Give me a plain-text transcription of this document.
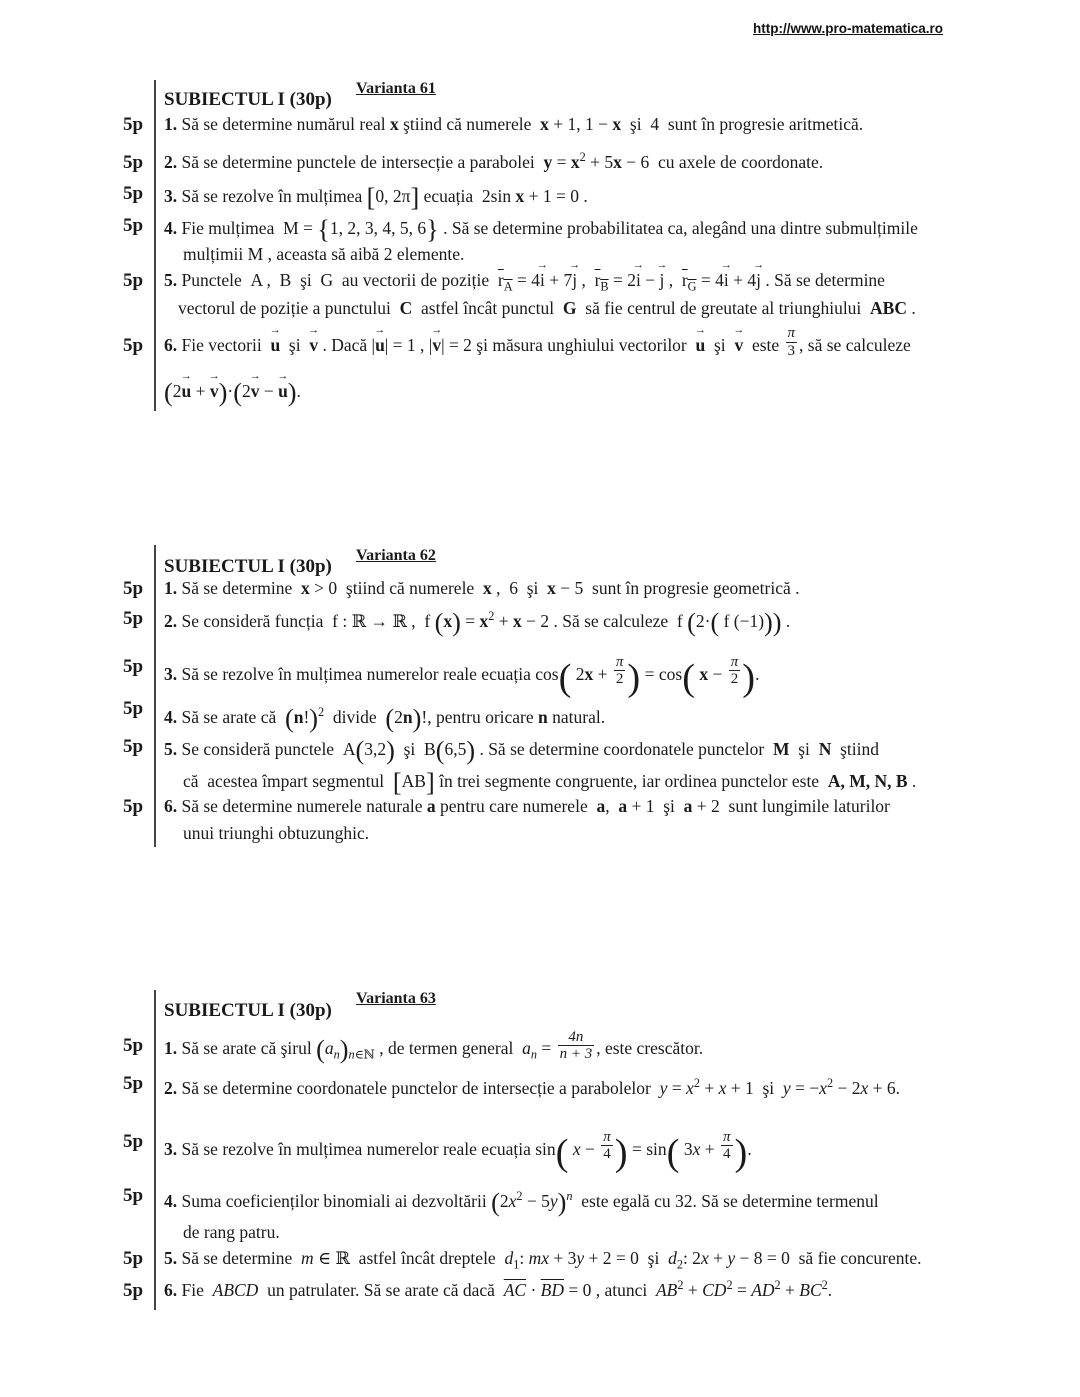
http://www.pro-matematica.ro
Varianta 61
SUBIECTUL I (30p)
5p 1. Să se determine numărul real x ştiind că numerele  x + 1, 1 − x  şi  4  sunt în progresie aritmetică.
5p 2. Să se determine punctele de intersecție a parabolei  $y = x^2 + 5x - 6$  cu axele de coordonate.
5p 3. Să se rezolve în mulțimea [0, 2π] ecuația  2sin x + 1 = 0 .
5p 4. Fie mulțimea  M = {1, 2, 3, 4, 5, 6} . Să se determine probabilitatea ca, alegând una dintre submulțimile
mulțimii M , aceasta să aibă 2 elemente.
5p 5. Punctele  A ,  B  şi  G  au vectorii de poziție  $r_A = 4\to i + 7\to j$ ,  $r_B = 2\to i$ − → j ,  $r_G = 4\to i + 4\to j$ . Să se determine
vectorul de poziție a punctului  C  astfel încât punctul  G  să fie centrul de greutate al triunghiului  ABC .
5p 6. Fie vectorii  → u  şi  → v . Dacă |→ u| = 1 , |→ v| = 2 şi măsura unghiului vectorilor  → u  şi  → v  este $\frac{\pi}{3}$ , să se calculeze
(2→ u + → v)·(2→ v − → u).
Varianta 62
SUBIECTUL I (30p)
5p 1. Să se determine  x > 0  ştiind că numerele  x ,  6  şi  x − 5  sunt în progresie geometrică .
5p 2. Se consideră funcția  f : ℝ → ℝ ,  f $(x) = x^2 + x - 2$ . Să se calculeze  f (2·( f (−1))) .
5p 3. Să se rezolve în mulțimea numerelor reale ecuația cos( $2x + \frac{\pi}{2}$ ) = cos( $x - \frac{\pi}{2}$ ).
5p 4. Să se arate că  $(n!)^2$  divide  (2n)!, pentru oricare n natural.
5p 5. Se consideră punctele  A(3,2)  şi  B(6,5) . Să se determine coordonatele punctelor  M  şi  N  ştiind
că  acestea împart segmentul  [AB] în trei segmente congruente, iar ordinea punctelor este  A, M, N, B .
5p 6. Să se determine numerele naturale a pentru care numerele  a,  a + 1  şi  a + 2  sunt lungimile laturilor
unui triunghi obtuzunghic.
Varianta 63
SUBIECTUL I (30p)
5p 1. Să se arate că şirul $(a_n)_{n\in ℕ}$ , de termen general  $a_n = \frac{4n}{n + 3}$ , este crescător.
5p 2. Să se determine coordonatele punctelor de intersecție a parabolelor  $y = x^2 + x + 1$  şi  $y = -x^2 - 2x + 6$.
5p 3. Să se rezolve în mulțimea numerelor reale ecuația sin( $x - \frac{\pi}{4}$ ) = sin( $3x + \frac{\pi}{4}$ ).
5p 4. Suma coeficienților binomiali ai dezvoltării $(2x^2 - 5y)^n$  este egală cu 32. Să se determine termenul
de rang patru.
5p 5. Să se determine  m ∈ ℝ  astfel încât dreptele  $d_1$: mx + 3y + 2 = 0  şi  $d_2$: 2x + y − 8 = 0  să fie concurente.
5p 6. Fie  ABCD  un patrulater. Să se arate că dacă  $\overline{AC} \cdot \overline{BD} = 0$ , atunci  $AB^2 + CD^2 = AD^2 + BC^2$.
